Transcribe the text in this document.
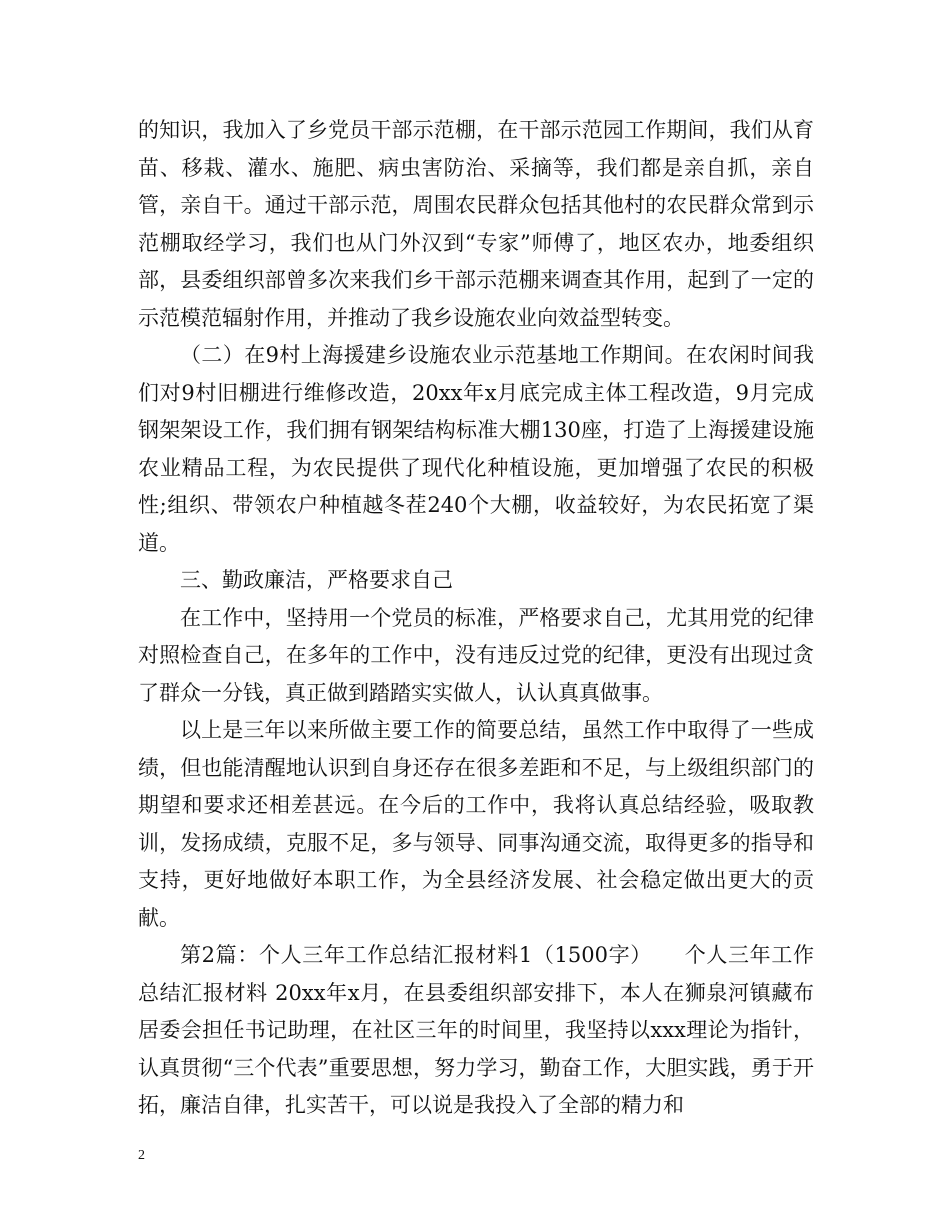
的知识，我加入了乡党员干部示范棚，在干部示范园工作期间，我们从育苗、移栽、灌水、施肥、病虫害防治、采摘等，我们都是亲自抓，亲自管，亲自干。通过干部示范，周围农民群众包括其他村的农民群众常到示范棚取经学习，我们也从门外汉到“专家”师傅了，地区农办，地委组织部，县委组织部曾多次来我们乡干部示范棚来调查其作用，起到了一定的示范模范辐射作用，并推动了我乡设施农业向效益型转变。

（二）在9村上海援建乡设施农业示范基地工作期间。在农闲时间我们对9村旧棚进行维修改造，20xx年x月底完成主体工程改造，9月完成钢架架设工作，我们拥有钢架结构标准大棚130座，打造了上海援建设施农业精品工程，为农民提供了现代化种植设施，更加增强了农民的积极性;组织、带领农户种植越冬茬240个大棚，收益较好，为农民拓宽了渠道。

三、勤政廉洁，严格要求自己

在工作中，坚持用一个党员的标准，严格要求自己，尤其用党的纪律对照检查自己，在多年的工作中，没有违反过党的纪律，更没有出现过贪了群众一分钱，真正做到踏踏实实做人，认认真真做事。

以上是三年以来所做主要工作的简要总结，虽然工作中取得了一些成绩，但也能清醒地认识到自身还存在很多差距和不足，与上级组织部门的期望和要求还相差甚远。在今后的工作中，我将认真总结经验，吸取教训，发扬成绩，克服不足，多与领导、同事沟通交流，取得更多的指导和支持，更好地做好本职工作，为全县经济发展、社会稳定做出更大的贡献。

第2篇：个人三年工作总结汇报材料1（1500字）　　个人三年工作总结汇报材料 20xx年x月，在县委组织部安排下，本人在狮泉河镇藏布居委会担任书记助理，在社区三年的时间里，我坚持以xxx理论为指针，认真贯彻“三个代表”重要思想，努力学习，勤奋工作，大胆实践，勇于开拓，廉洁自律，扎实苦干，可以说是我投入了全部的精力和

2
